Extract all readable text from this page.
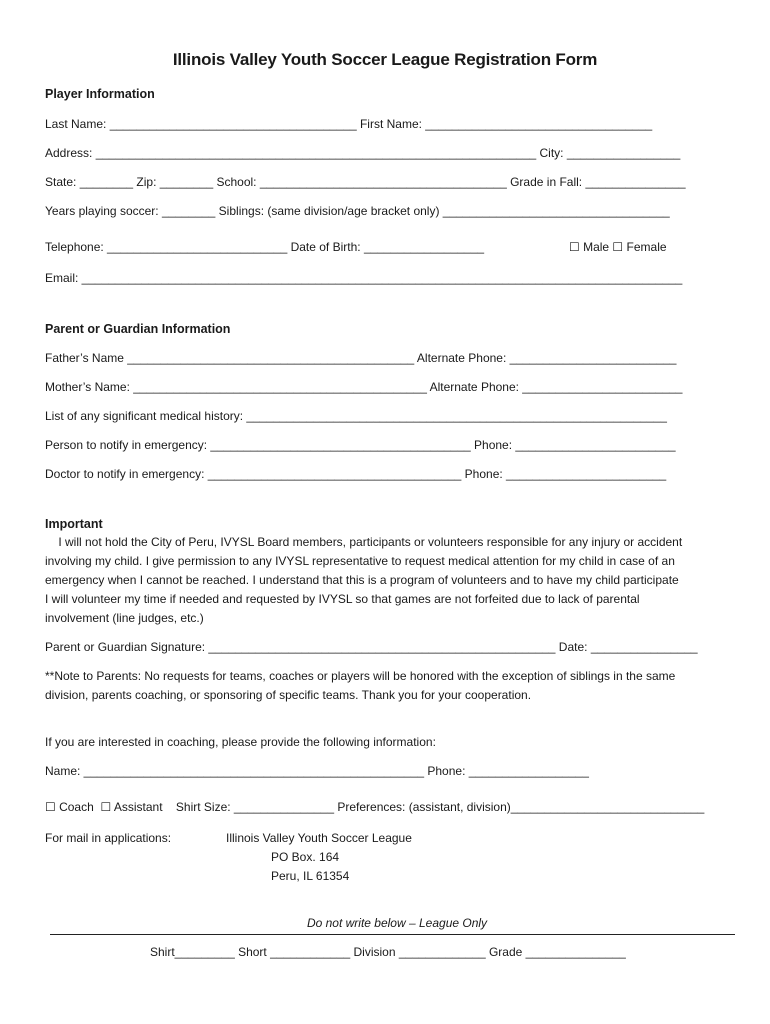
Illinois Valley Youth Soccer League Registration Form
Player Information
Last Name: _____________________________________ First Name: __________________________________
Address: __________________________________________________________________ City: _________________
State: ________ Zip: ________ School: _____________________________________ Grade in Fall: _______________
Years playing soccer: ________ Siblings: (same division/age bracket only) __________________________________
Telephone: ___________________________ Date of Birth: __________________	☐ Male ☐ Female
Email: __________________________________________________________________________________________
Parent or Guardian Information
Father’s Name ___________________________________________ Alternate Phone: _________________________
Mother’s Name: ____________________________________________ Alternate Phone: ________________________
List of any significant medical history: _______________________________________________________________
Person to notify in emergency: _______________________________________ Phone: ________________________
Doctor to notify in emergency: ______________________________________ Phone: ________________________
Important
I will not hold the City of Peru, IVYSL Board members, participants or volunteers responsible for any injury or accident
involving my child. I give permission to any IVYSL representative to request medical attention for my child in case of an
emergency when I cannot be reached. I understand that this is a program of volunteers and to have my child participate
I will volunteer my time if needed and requested by IVYSL so that games are not forfeited due to lack of parental
involvement (line judges, etc.)
Parent or Guardian Signature: ____________________________________________________ Date: ________________
**Note to Parents: No requests for teams, coaches or players will be honored with the exception of siblings in the same
division, parents coaching, or sponsoring of specific teams. Thank you for your cooperation.
If you are interested in coaching, please provide the following information:
Name: ___________________________________________________ Phone: __________________
☐ Coach  ☐ Assistant    Shirt Size: _______________ Preferences: (assistant, division)_____________________________
For mail in applications:	Illinois Valley Youth Soccer League
PO Box. 164
Peru, IL 61354
Do not write below – League Only
Shirt_________ Short ____________ Division _____________ Grade _______________
